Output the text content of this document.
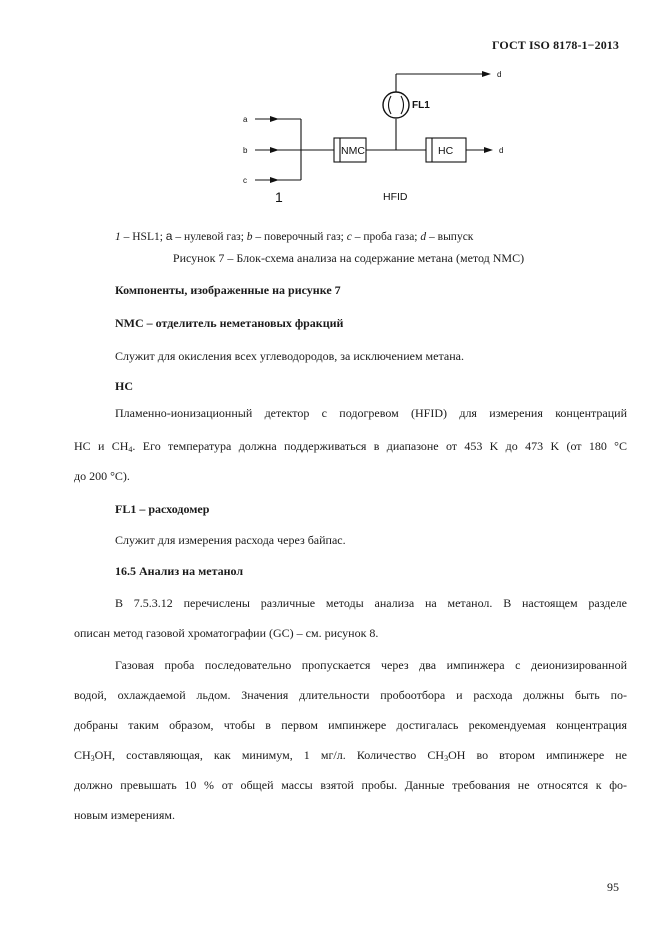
ГОСТ ISO 8178-1−2013
a
b
c
d
d
NMC	HC
FL1
HFID
1
1 – HSL1; a – нулевой газ; b – поверочный газ; c – проба газа; d – выпуск
Рисунок 7 – Блок-схема анализа на содержание метана (метод NMC)
Компоненты, изображенные на рисунке 7
NMC – отделитель неметановых фракций
Служит для окисления всех углеводородов, за исключением метана.
HC
Пламенно-ионизационный детектор с подогревом (HFID) для измерения концентраций
HC и $CH_4$. Его температура должна поддерживаться в диапазоне от 453 K до 473 K (от 180 °C
до 200 °C).
FL1 – расходомер
Служит для измерения расхода через байпас.
16.5 Анализ на метанол
В 7.5.3.12 перечислены различные методы анализа на метанол. В настоящем разделе
описан метод газовой хроматографии (GC) – см. рисунок 8.
Газовая проба последовательно пропускается через два импинжера с деионизированной
водой, охлаждаемой льдом. Значения длительности пробоотбора и расхода должны быть по-
добраны таким образом, чтобы в первом импинжере достигалась рекомендуемая концентрация
$CH_3OH$, составляющая, как минимум, 1 мг/л. Количество $CH_3OH$ во втором импинжере не
должно превышать 10 % от общей массы взятой пробы. Данные требования не относятся к фо-
новым измерениям.
95
